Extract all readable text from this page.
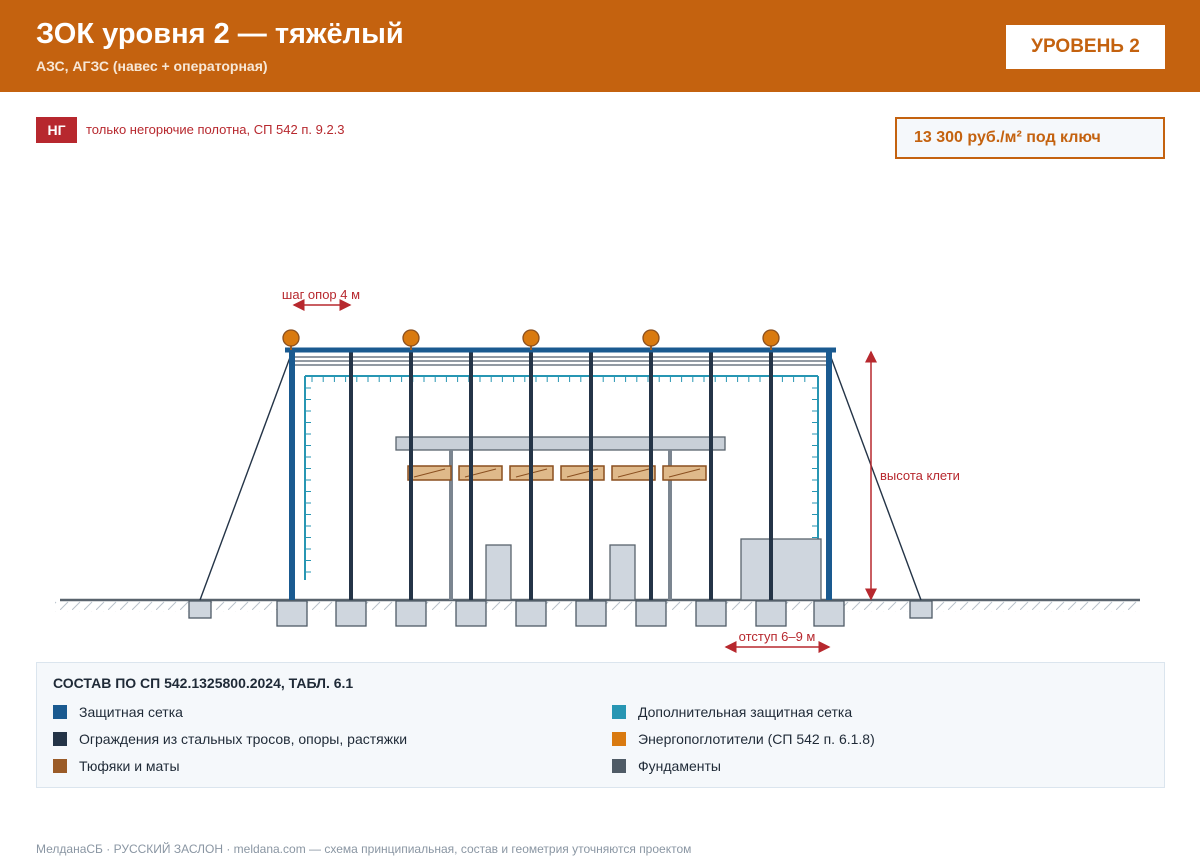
ЗОК уровня 2 — тяжёлый
АЗС, АГЗС (навес + операторная)
УРОВЕНЬ 2
НГ	только негорючие полотна, СП 542 п. 9.2.3	13 300 руб./м² под ключ
шаг опор 4 м
высота клети
отступ 6–9 м
СОСТАВ ПО СП 542.1325800.2024, ТАБЛ. 6.1
Защитная сетка	Дополнительная защитная сетка
Ограждения из стальных тросов, опоры, растяжки	Энергопоглотители (СП 542 п. 6.1.8)
Тюфяки и маты	Фундаменты
МелданаСБ · РУССКИЙ ЗАСЛОН · meldana.com — схема принципиальная, состав и геометрия уточняются проектом
